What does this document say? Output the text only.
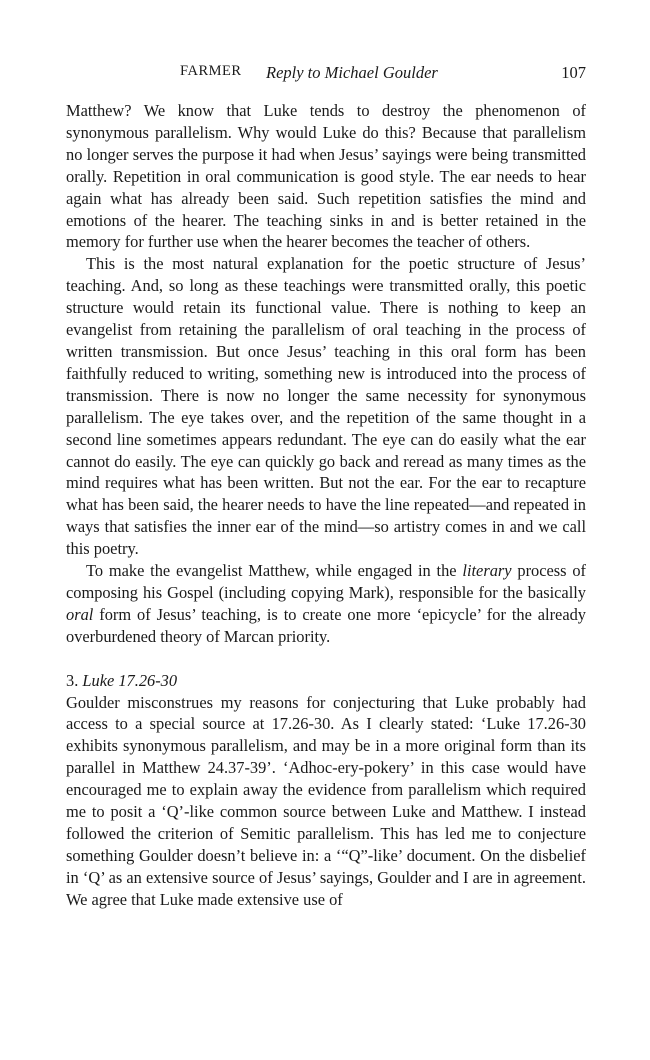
FARMER Reply to Michael Goulder	107

Matthew? We know that Luke tends to destroy the phenomenon of synonymous parallelism. Why would Luke do this? Because that parallelism no longer serves the purpose it had when Jesus’ sayings were being transmitted orally. Repetition in oral communication is good style. The ear needs to hear again what has already been said. Such repetition satisfies the mind and emotions of the hearer. The teaching sinks in and is better retained in the memory for further use when the hearer becomes the teacher of others.

This is the most natural explanation for the poetic structure of Jesus’ teaching. And, so long as these teachings were transmitted orally, this poetic structure would retain its functional value. There is nothing to keep an evangelist from retaining the parallelism of oral teaching in the process of written transmission. But once Jesus’ teaching in this oral form has been faithfully reduced to writing, something new is introduced into the process of transmission. There is now no longer the same necessity for synonymous parallelism. The eye takes over, and the repetition of the same thought in a second line sometimes appears redundant. The eye can do easily what the ear cannot do easily. The eye can quickly go back and reread as many times as the mind requires what has been written. But not the ear. For the ear to recapture what has been said, the hearer needs to have the line repeated—and repeated in ways that satisfies the inner ear of the mind—so artistry comes in and we call this poetry.

To make the evangelist Matthew, while engaged in the literary process of composing his Gospel (including copying Mark), responsible for the basically oral form of Jesus’ teaching, is to create one more ‘epicycle’ for the already overburdened theory of Marcan priority.

3. Luke 17.26-30

Goulder misconstrues my reasons for conjecturing that Luke probably had access to a special source at 17.26-30. As I clearly stated: ‘Luke 17.26-30 exhibits synonymous parallelism, and may be in a more original form than its parallel in Matthew 24.37-39’. ‘Adhoc-ery-pokery’ in this case would have encouraged me to explain away the evidence from parallelism which required me to posit a ‘Q’-like common source between Luke and Matthew. I instead followed the criterion of Semitic parallelism. This has led me to conjecture something Goulder doesn’t believe in: a ‘“Q”-like’ document. On the disbelief in ‘Q’ as an extensive source of Jesus’ sayings, Goulder and I are in agreement. We agree that Luke made extensive use of
